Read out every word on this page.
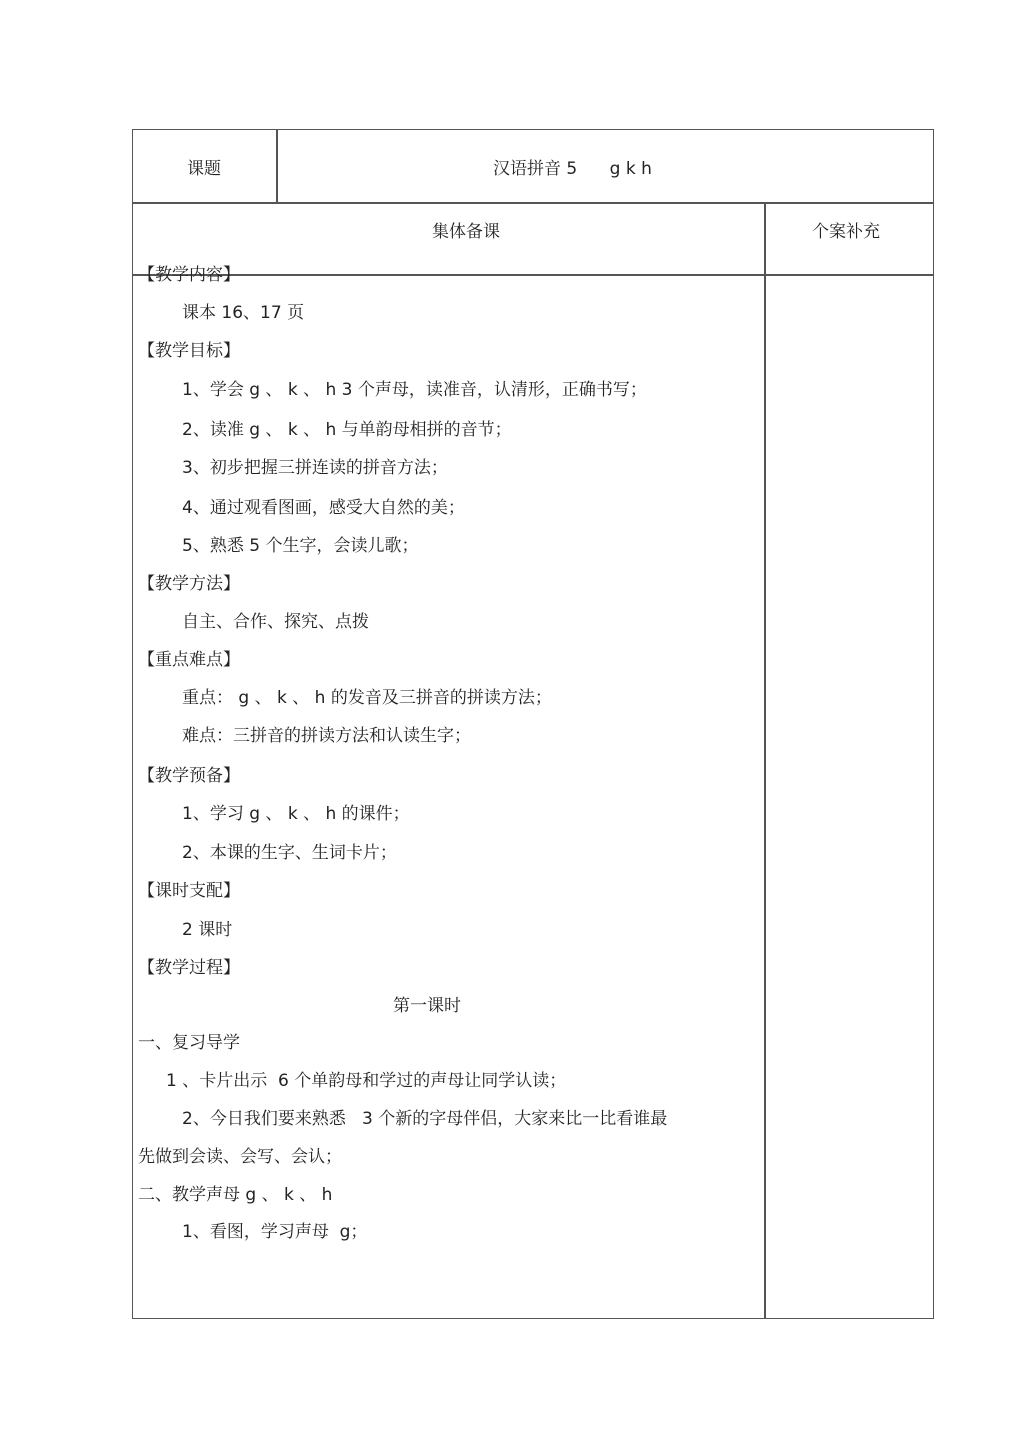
课题	汉语拼音 5      g k h
集体备课	个案补充
【教学内容】
课本 16、17 页
【教学目标】
1、学会 g 、 k 、 h 3 个声母，读准音，认清形，正确书写；
2、读准 g 、 k 、 h 与单韵母相拼的音节；
3、初步把握三拼连读的拼音方法；
4、通过观看图画，感受大自然的美；
5、熟悉 5 个生字，会读儿歌；
【教学方法】
自主、合作、探究、点拨
【重点难点】
重点： g 、 k 、 h 的发音及三拼音的拼读方法；
难点：三拼音的拼读方法和认读生字；
【教学预备】
1、学习 g 、 k 、 h 的课件；
2、本课的生字、生词卡片；
【课时支配】
2 课时
【教学过程】
第一课时
一、复习导学
1 、卡片出示  6 个单韵母和学过的声母让同学认读；
2、今日我们要来熟悉   3 个新的字母伴侣，大家来比一比看谁最
先做到会读、会写、会认；
二、教学声母 g 、 k 、 h
1、看图，学习声母  g；
